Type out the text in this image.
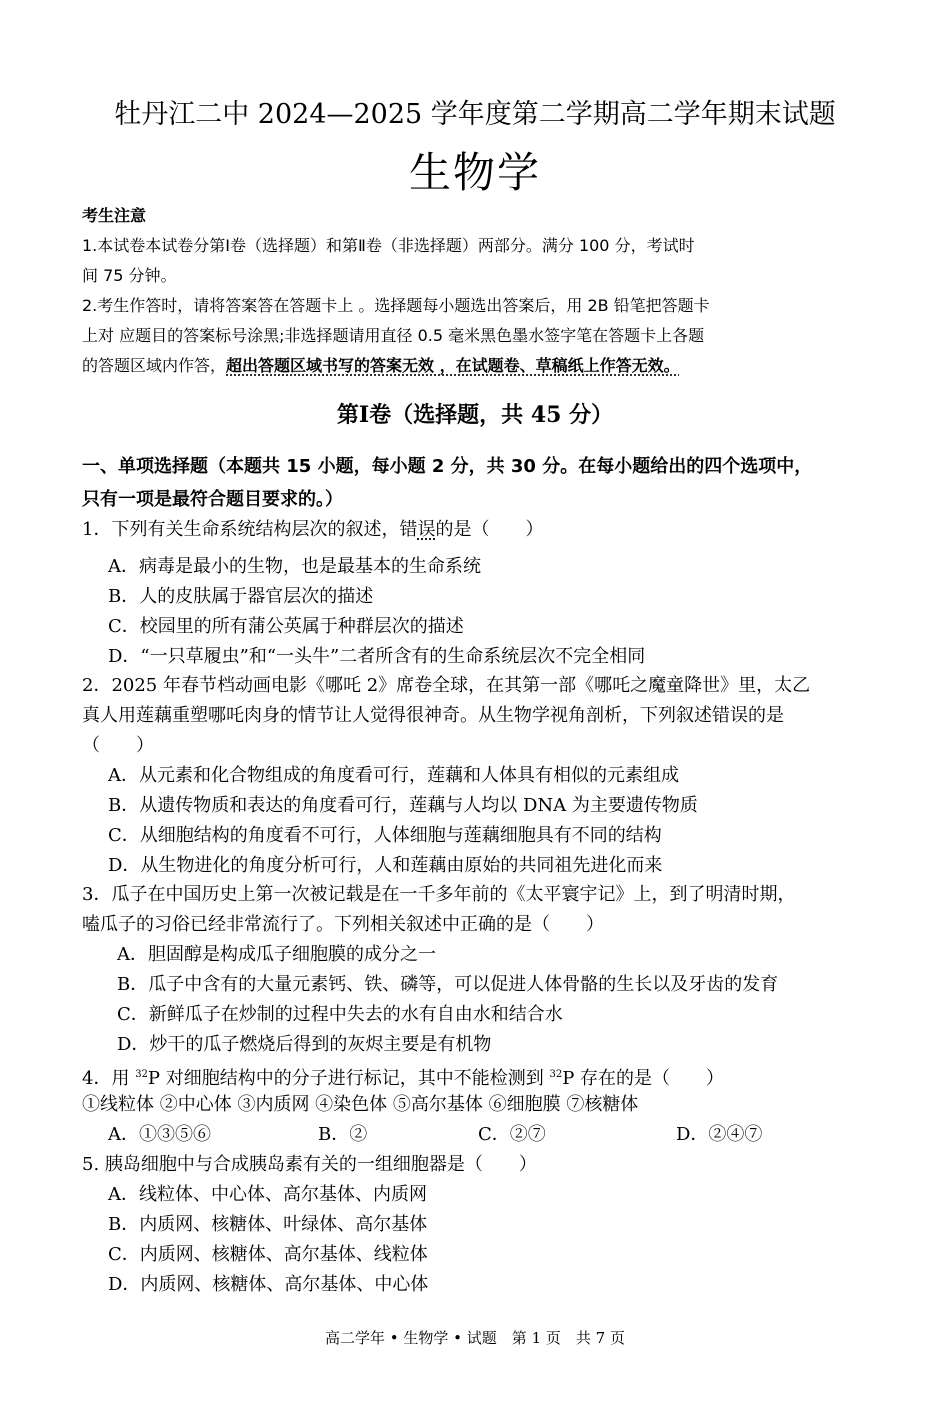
牡丹江二中 2024—2025 学年度第二学期高二学年期末试题
生物学
考生注意
1.本试卷本试卷分第Ⅰ卷（选择题）和第Ⅱ卷（非选择题）两部分。满分 100 分，考试时
间 75 分钟。
2.考生作答时，请将答案答在答题卡上 。选择题每小题选出答案后，用 2B 铅笔把答题卡
上对 应题目的答案标号涂黑;非选择题请用直径 0.5 毫米黑色墨水签字笔在答题卡上各题
的答题区域内作答，超出答题区域书写的答案无效 ，在试题卷、草稿纸上作答无效。
第Ⅰ卷（选择题，共 45 分）
一、单项选择题（本题共 15 小题，每小题 2 分，共 30 分。在每小题给出的四个选项中，
只有一项是最符合题目要求的。）
1．下列有关生命系统结构层次的叙述，错误的是（　　）
A．病毒是最小的生物，也是最基本的生命系统
B．人的皮肤属于器官层次的描述
C．校园里的所有蒲公英属于种群层次的描述
D．“一只草履虫”和“一头牛”二者所含有的生命系统层次不完全相同
2．2025 年春节档动画电影《哪吒 2》席卷全球，在其第一部《哪吒之魔童降世》里，太乙
真人用莲藕重塑哪吒肉身的情节让人觉得很神奇。从生物学视角剖析，下列叙述错误的是
（　　）
A．从元素和化合物组成的角度看可行，莲藕和人体具有相似的元素组成
B．从遗传物质和表达的角度看可行，莲藕与人均以 DNA 为主要遗传物质
C．从细胞结构的角度看不可行，人体细胞与莲藕细胞具有不同的结构
D．从生物进化的角度分析可行，人和莲藕由原始的共同祖先进化而来
3．瓜子在中国历史上第一次被记载是在一千多年前的《太平寰宇记》上，到了明清时期，
嗑瓜子的习俗已经非常流行了。下列相关叙述中正确的是（　　）
A．胆固醇是构成瓜子细胞膜的成分之一
B．瓜子中含有的大量元素钙、铁、磷等，可以促进人体骨骼的生长以及牙齿的发育
C．新鲜瓜子在炒制的过程中失去的水有自由水和结合水
D．炒干的瓜子燃烧后得到的灰烬主要是有机物
4．用 $^{32}$P 对细胞结构中的分子进行标记，其中不能检测到 $^{32}$P 存在的是（　　）
①线粒体 ②中心体 ③内质网 ④染色体 ⑤高尔基体 ⑥细胞膜 ⑦核糖体
A．①③⑤⑥	B．②	C．②⑦	D．②④⑦
5. 胰岛细胞中与合成胰岛素有关的一组细胞器是（　　）
A．线粒体、中心体、高尔基体、内质网
B．内质网、核糖体、叶绿体、高尔基体
C．内质网、核糖体、高尔基体、线粒体
D．内质网、核糖体、高尔基体、中心体
高二学年 • 生物学 • 试题　第 1 页　共 7 页
